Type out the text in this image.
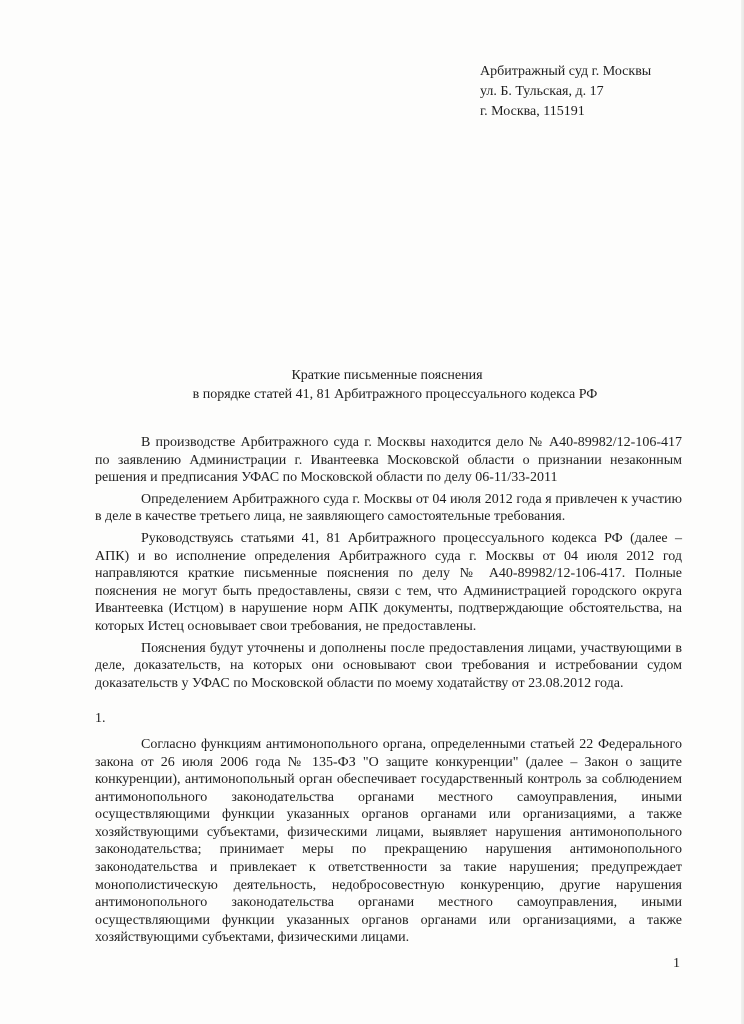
Арбитражный суд г. Москвы
ул. Б. Тульская, д. 17
г. Москва, 115191
Краткие письменные пояснения
в порядке статей 41, 81 Арбитражного процессуального кодекса РФ

В производстве Арбитражного суда г. Москвы находится дело № А40-89982/12-106-417 по заявлению Администрации г. Ивантеевка Московской области о признании незаконным решения и предписания УФАС по Московской области по делу 06-11/33-2011

Определением Арбитражного суда г. Москвы от 04 июля 2012 года я привлечен к участию в деле в качестве третьего лица, не заявляющего самостоятельные требования.

Руководствуясь статьями 41, 81 Арбитражного процессуального кодекса РФ (далее – АПК) и во исполнение определения Арбитражного суда г. Москвы от 04 июля 2012 год направляются краткие письменные пояснения по делу № А40-89982/12-106-417. Полные пояснения не могут быть предоставлены, связи с тем, что Администрацией городского округа Ивантеевка (Истцом) в нарушение норм АПК документы, подтверждающие обстоятельства, на которых Истец основывает свои требования, не предоставлены.

Пояснения будут уточнены и дополнены после предоставления лицами, участвующими в деле, доказательств, на которых они основывают свои требования и истребовании судом доказательств у УФАС по Московской области по моему ходатайству от 23.08.2012 года.

1.

Согласно функциям антимонопольного органа, определенными статьей 22 Федерального закона от 26 июля 2006 года № 135-ФЗ "О защите конкуренции" (далее – Закон о защите конкуренции), антимонопольный орган обеспечивает государственный контроль за соблюдением антимонопольного законодательства органами местного самоуправления, иными осуществляющими функции указанных органов органами или организациями, а также хозяйствующими субъектами, физическими лицами, выявляет нарушения антимонопольного законодательства; принимает меры по прекращению нарушения антимонопольного законодательства и привлекает к ответственности за такие нарушения; предупреждает монополистическую деятельность, недобросовестную конкуренцию, другие нарушения антимонопольного законодательства органами местного самоуправления, иными осуществляющими функции указанных органов органами или организациями, а также хозяйствующими субъектами, физическими лицами.

1
